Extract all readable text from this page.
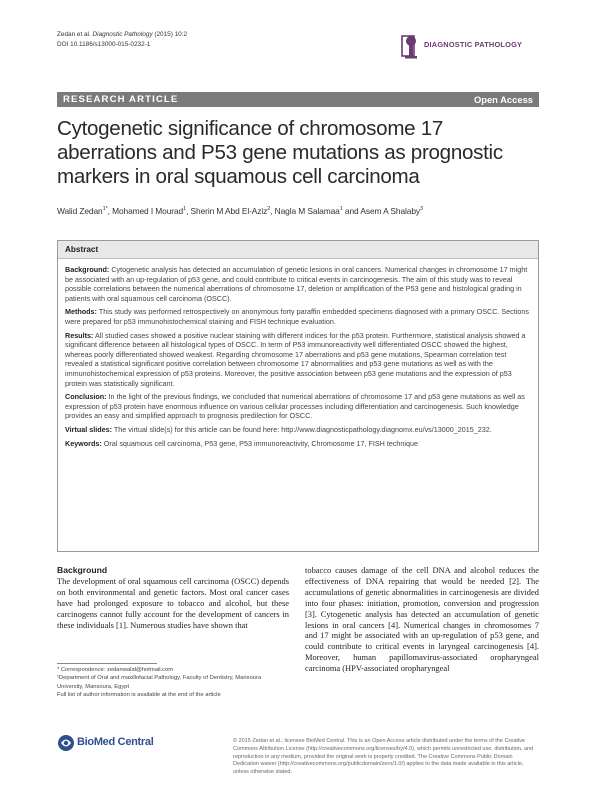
Zedan et al. Diagnostic Pathology (2015) 10:2
DOI 10.1186/s13000-015-0232-1	DIAGNOSTIC PATHOLOGY
RESEARCH ARTICLE	Open Access
Cytogenetic significance of chromosome 17 aberrations and P53 gene mutations as prognostic markers in oral squamous cell carcinoma
Walid Zedan$^{1*}$, Mohamed I Mourad$^1$, Sherin M Abd El-Aziz$^2$, Nagla M Salamaa$^1$ and Asem A Shalaby$^3$
Abstract

Background: Cytogenetic analysis has detected an accumulation of genetic lesions in oral cancers. Numerical changes in chromosome 17 might be associated with an up-regulation of p53 gene, and could contribute to critical events in carcinogenesis. The aim of this study was to reveal possible correlations between the numerical aberrations of chromosome 17, deletion or amplification of the P53 gene and histological grading in patients with oral squamous cell carcinoma (OSCC).

Methods: This study was performed retrospectively on anonymous forty paraffin embedded specimens diagnosed with a primary OSCC. Sections were prepared for p53 immunohistochemical staining and FISH technique evaluation.

Results: All studied cases showed a positive nuclear staining with different indices for the p53 protein. Furthermore, statistical analysis showed a significant difference between all histological types of OSCC. In term of P53 immunoreactivity well differentiated OSCC showed the highest, whereas poorly differentiated showed weakest. Regarding chromosome 17 aberrations and p53 gene mutations, Spearman correlation test revealed a statistical significant positive correlation between chromosome 17 abnormalities and p53 gene mutations as well as with the immunohistochemical expression of p53 proteins. Moreover, the positive association between p53 gene mutations and the expression of p53 protein was statistically significant.

Conclusion: In the light of the previous findings, we concluded that numerical aberrations of chromosome 17 and p53 gene mutations as well as expression of p53 protein have enormous influence on various cellular processes including differentiation and carcinogenesis. Such knowledge provides an easy and simplified approach to prognosis predilection for OSCC.

Virtual slides: The virtual slide(s) for this article can be found here: http://www.diagnosticpathology.diagnomx.eu/vs/13000_2015_232.

Keywords: Oral squamous cell carcinoma, P53 gene, P53 immunoreactivity, Chromosome 17, FISH technique

Background
The development of oral squamous cell carcinoma (OSCC) depends on both environmental and genetic factors. Most oral cancer cases have had prolonged exposure to tobacco and alcohol, but these carcinogens cannot fully account for the development of cancers in these individuals [1]. Numerous studies have shown that
tobacco causes damage of the cell DNA and alcohol reduces the effectiveness of DNA repairing that would be needed [2]. The accumulations of genetic abnormalities in carcinogenesis are divided into four phases: initiation, promotion, conversion and progression [3]. Cytogenetic analysis has detected an accumulation of genetic lesions in oral cancers [4]. Numerical changes in chromosomes 7 and 17 might be associated with an up-regulation of p53 gene, and could contribute to critical events in laryngeal carcinogenesis [4]. Moreover, human papillomavirus-associated oropharyngeal carcinoma (HPV-associated oropharyngeal
* Correspondence: zedanwalid@hotmail.com
¹Department of Oral and maxillofacial Pathology, Faculty of Dentistry, Mansoura University, Mansoura, Egypt
Full list of author information is available at the end of the article
BioMed Central	© 2015 Zedan et al.; licensee BioMed Central. This is an Open Access article distributed under the terms of the Creative Commons Attribution License (http://creativecommons.org/licenses/by/4.0), which permits unrestricted use, distribution, and reproduction in any medium, provided the original work is properly credited. The Creative Commons Public Domain Dedication waiver (http://creativecommons.org/publicdomain/zero/1.0/) applies to the data made available in this article, unless otherwise stated.
